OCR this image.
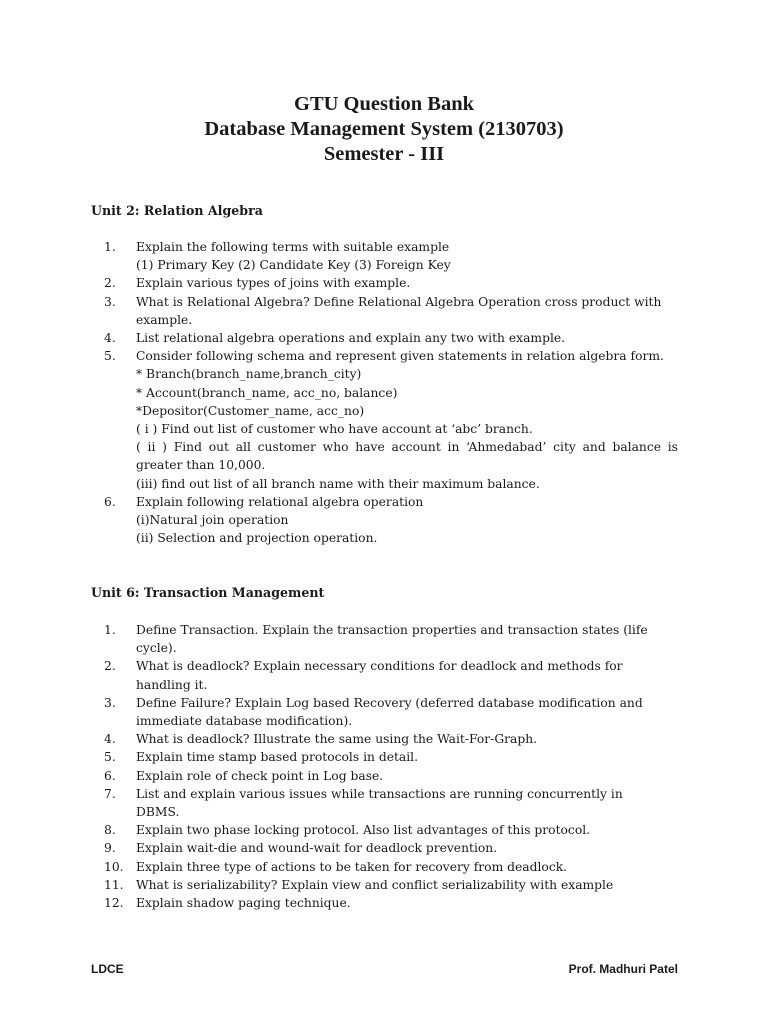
GTU Question Bank
Database Management System (2130703)
Semester - III
Unit 2: Relation Algebra
1. Explain the following terms with suitable example
(1) Primary Key (2) Candidate Key (3) Foreign Key
2. Explain various types of joins with example.
3. What is Relational Algebra? Define Relational Algebra Operation cross product with
example.
4. List relational algebra operations and explain any two with example.
5. Consider following schema and represent given statements in relation algebra form.
* Branch(branch_name,branch_city)
* Account(branch_name, acc_no, balance)
*Depositor(Customer_name, acc_no)
( i ) Find out list of customer who have account at ‘abc’ branch.
( ii ) Find out all customer who have account in ‘Ahmedabad’ city and balance is
greater than 10,000.
(iii) find out list of all branch name with their maximum balance.
6. Explain following relational algebra operation
(i)Natural join operation
(ii) Selection and projection operation.
Unit 6: Transaction Management
1. Define Transaction. Explain the transaction properties and transaction states (life
cycle).
2. What is deadlock? Explain necessary conditions for deadlock and methods for
handling it.
3. Define Failure? Explain Log based Recovery (deferred database modification and
immediate database modification).
4. What is deadlock? Illustrate the same using the Wait-For-Graph.
5. Explain time stamp based protocols in detail.
6. Explain role of check point in Log base.
7. List and explain various issues while transactions are running concurrently in
DBMS.
8. Explain two phase locking protocol. Also list advantages of this protocol.
9. Explain wait-die and wound-wait for deadlock prevention.
10. Explain three type of actions to be taken for recovery from deadlock.
11. What is serializability? Explain view and conflict serializability with example
12. Explain shadow paging technique.
LDCE	Prof. Madhuri Patel
